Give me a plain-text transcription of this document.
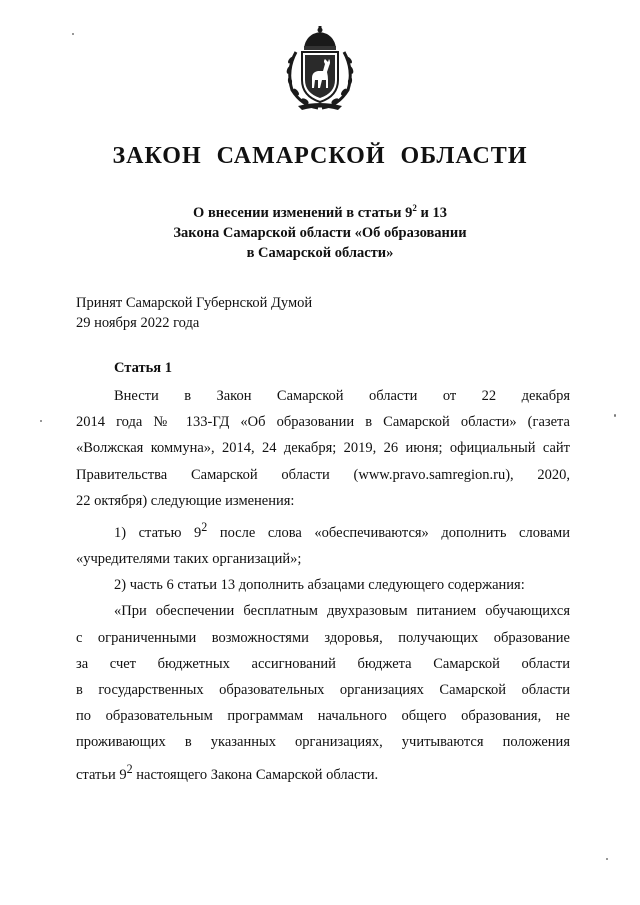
ЗАКОН САМАРСКОЙ ОБЛАСТИ
О внесении изменений в статьи $9^2$ и 13
Закона Самарской области «Об образовании
в Самарской области»
Принят Самарской Губернской Думой
29 ноября 2022 года
Статья 1
Внести в Закон Самарской области от 22 декабря
2014 года № 133-ГД «Об образовании в Самарской области» (газета
«Волжская коммуна», 2014, 24 декабря; 2019, 26 июня; официальный сайт
Правительства Самарской области (www.pravo.samregion.ru), 2020,
22 октября) следующие изменения:
1) статью $9^2$ после слова «обеспечиваются» дополнить словами
«учредителями таких организаций»;
2) часть 6 статьи 13 дополнить абзацами следующего содержания:
«При обеспечении бесплатным двухразовым питанием обучающихся
с ограниченными возможностями здоровья, получающих образование
за счет бюджетных ассигнований бюджета Самарской области
в государственных образовательных организациях Самарской области
по образовательным программам начального общего образования, не
проживающих в указанных организациях, учитываются положения
статьи $9^2$ настоящего Закона Самарской области.
